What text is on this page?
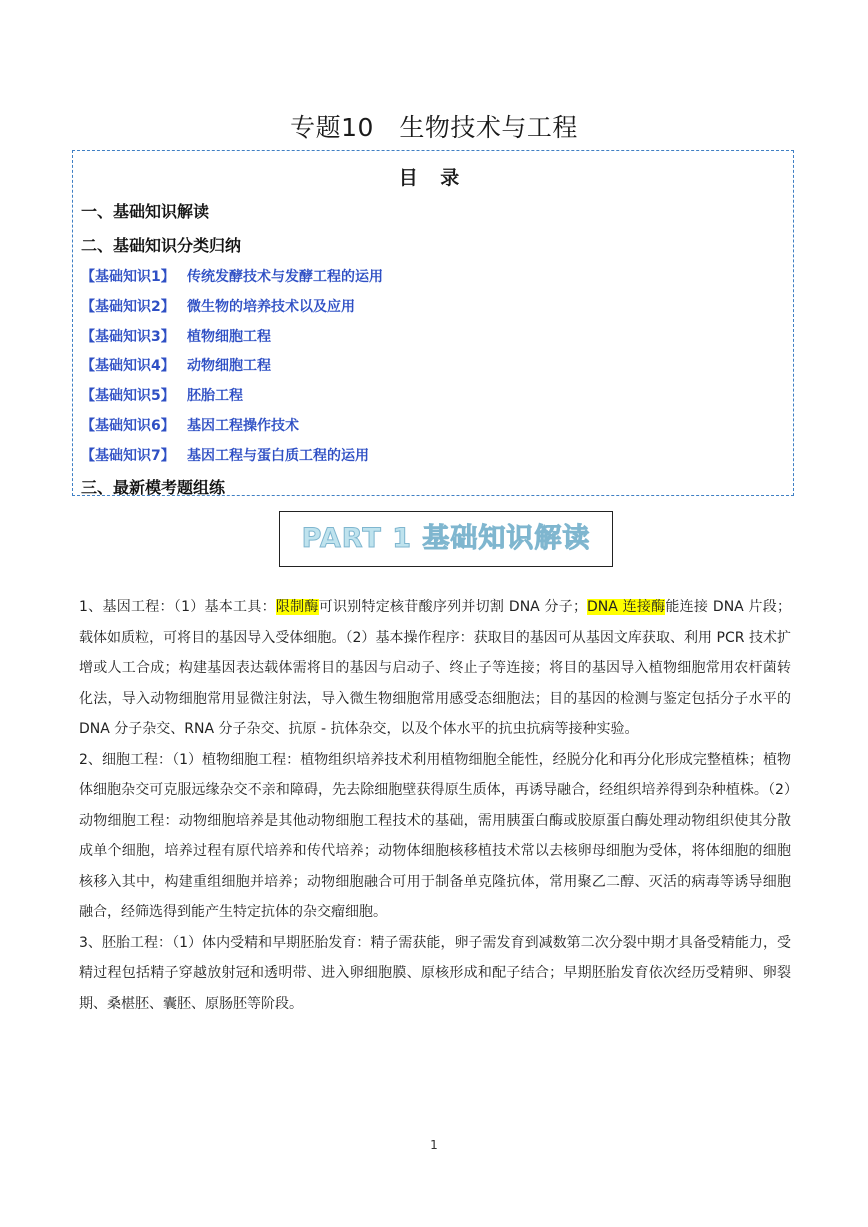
专题10　生物技术与工程
目 录
一、基础知识解读
二、基础知识分类归纳
【基础知识1】 传统发酵技术与发酵工程的运用
【基础知识2】 微生物的培养技术以及应用
【基础知识3】 植物细胞工程
【基础知识4】 动物细胞工程
【基础知识5】 胚胎工程
【基础知识6】 基因工程操作技术
【基础知识7】 基因工程与蛋白质工程的运用
三、最新模考题组练
PART 1 基础知识解读

1、基因工程：（1）基本工具：限制酶可识别特定核苷酸序列并切割 DNA 分子；DNA 连接酶能连接 DNA 片段；载体如质粒，可将目的基因导入受体细胞。（2）基本操作程序：获取目的基因可从基因文库获取、利用 PCR 技术扩增或人工合成；构建基因表达载体需将目的基因与启动子、终止子等连接；将目的基因导入植物细胞常用农杆菌转化法，导入动物细胞常用显微注射法，导入微生物细胞常用感受态细胞法；目的基因的检测与鉴定包括分子水平的 DNA 分子杂交、RNA 分子杂交、抗原 - 抗体杂交，以及个体水平的抗虫抗病等接种实验。

2、细胞工程：（1）植物细胞工程：植物组织培养技术利用植物细胞全能性，经脱分化和再分化形成完整植株；植物体细胞杂交可克服远缘杂交不亲和障碍，先去除细胞壁获得原生质体，再诱导融合，经组织培养得到杂种植株。（2）动物细胞工程：动物细胞培养是其他动物细胞工程技术的基础，需用胰蛋白酶或胶原蛋白酶处理动物组织使其分散成单个细胞，培养过程有原代培养和传代培养；动物体细胞核移植技术常以去核卵母细胞为受体，将体细胞的细胞核移入其中，构建重组细胞并培养；动物细胞融合可用于制备单克隆抗体，常用聚乙二醇、灭活的病毒等诱导细胞融合，经筛选得到能产生特定抗体的杂交瘤细胞。

3、胚胎工程：（1）体内受精和早期胚胎发育：精子需获能，卵子需发育到减数第二次分裂中期才具备受精能力，受精过程包括精子穿越放射冠和透明带、进入卵细胞膜、原核形成和配子结合；早期胚胎发育依次经历受精卵、卵裂期、桑椹胚、囊胚、原肠胚等阶段。

1
